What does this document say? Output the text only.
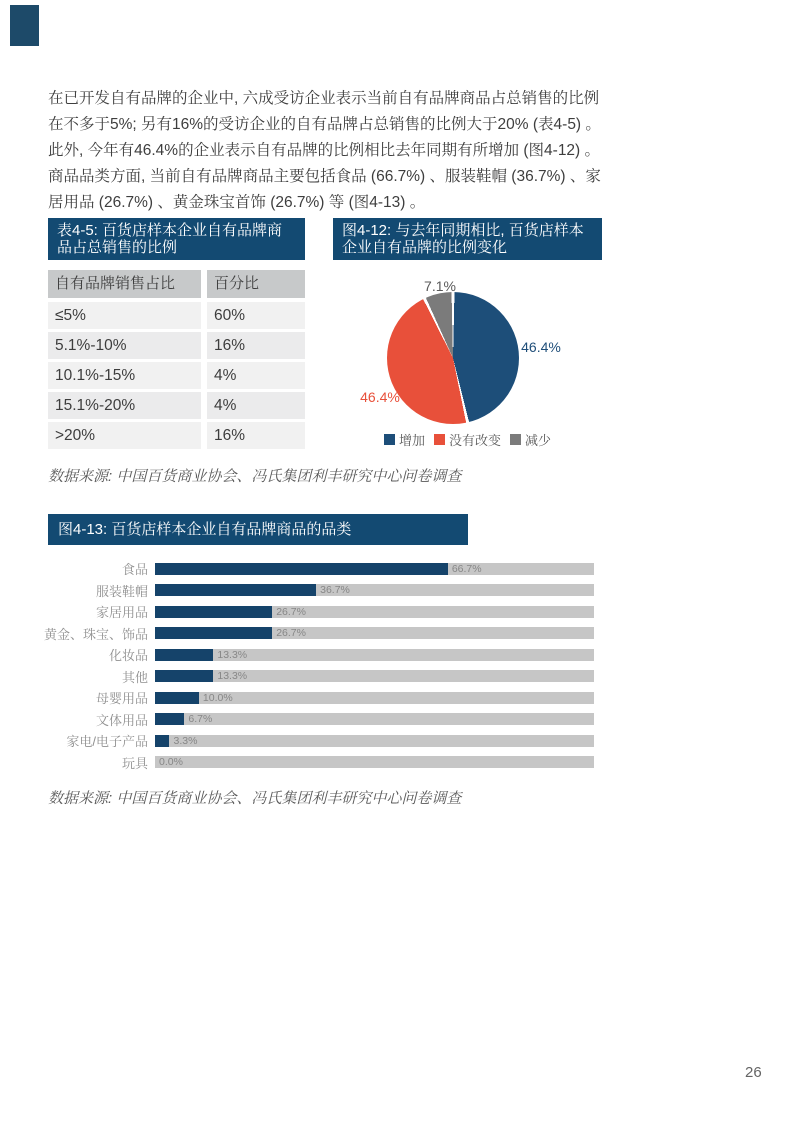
在已开发自有品牌的企业中, 六成受访企业表示当前自有品牌商品占总销售的比例在不多于5%; 另有16%的受访企业的自有品牌占总销售的比例大于20% (表4-5) 。此外, 今年有46.4%的企业表示自有品牌的比例相比去年同期有所增加 (图4-12) 。商品品类方面, 当前自有品牌商品主要包括食品 (66.7%) 、服装鞋帽 (36.7%) 、家居用品 (26.7%) 、黄金珠宝首饰 (26.7%) 等 (图4-13) 。

表4-5: 百货店样本企业自有品牌商品占总销售的比例
自有品牌销售占比	百分比
≤5%	60%
5.1%-10%	16%
10.1%-15%	4%
15.1%-20%	4%
>20%	16%
图4-12: 与去年同期相比, 百货店样本企业自有品牌的比例变化
7.1%
46.4%
46.4%
增加 没有改变 减少

数据来源: 中国百货商业协会、冯氏集团利丰研究中心问卷调查

图4-13: 百货店样本企业自有品牌商品的品类
食品	66.7%
服装鞋帽	36.7%
家居用品	26.7%
黄金、珠宝、饰品	26.7%
化妆品	13.3%
其他	13.3%
母婴用品	10.0%
文体用品	6.7%
家电/电子产品	3.3%
玩具	0.0%

数据来源: 中国百货商业协会、冯氏集团利丰研究中心问卷调查

26
